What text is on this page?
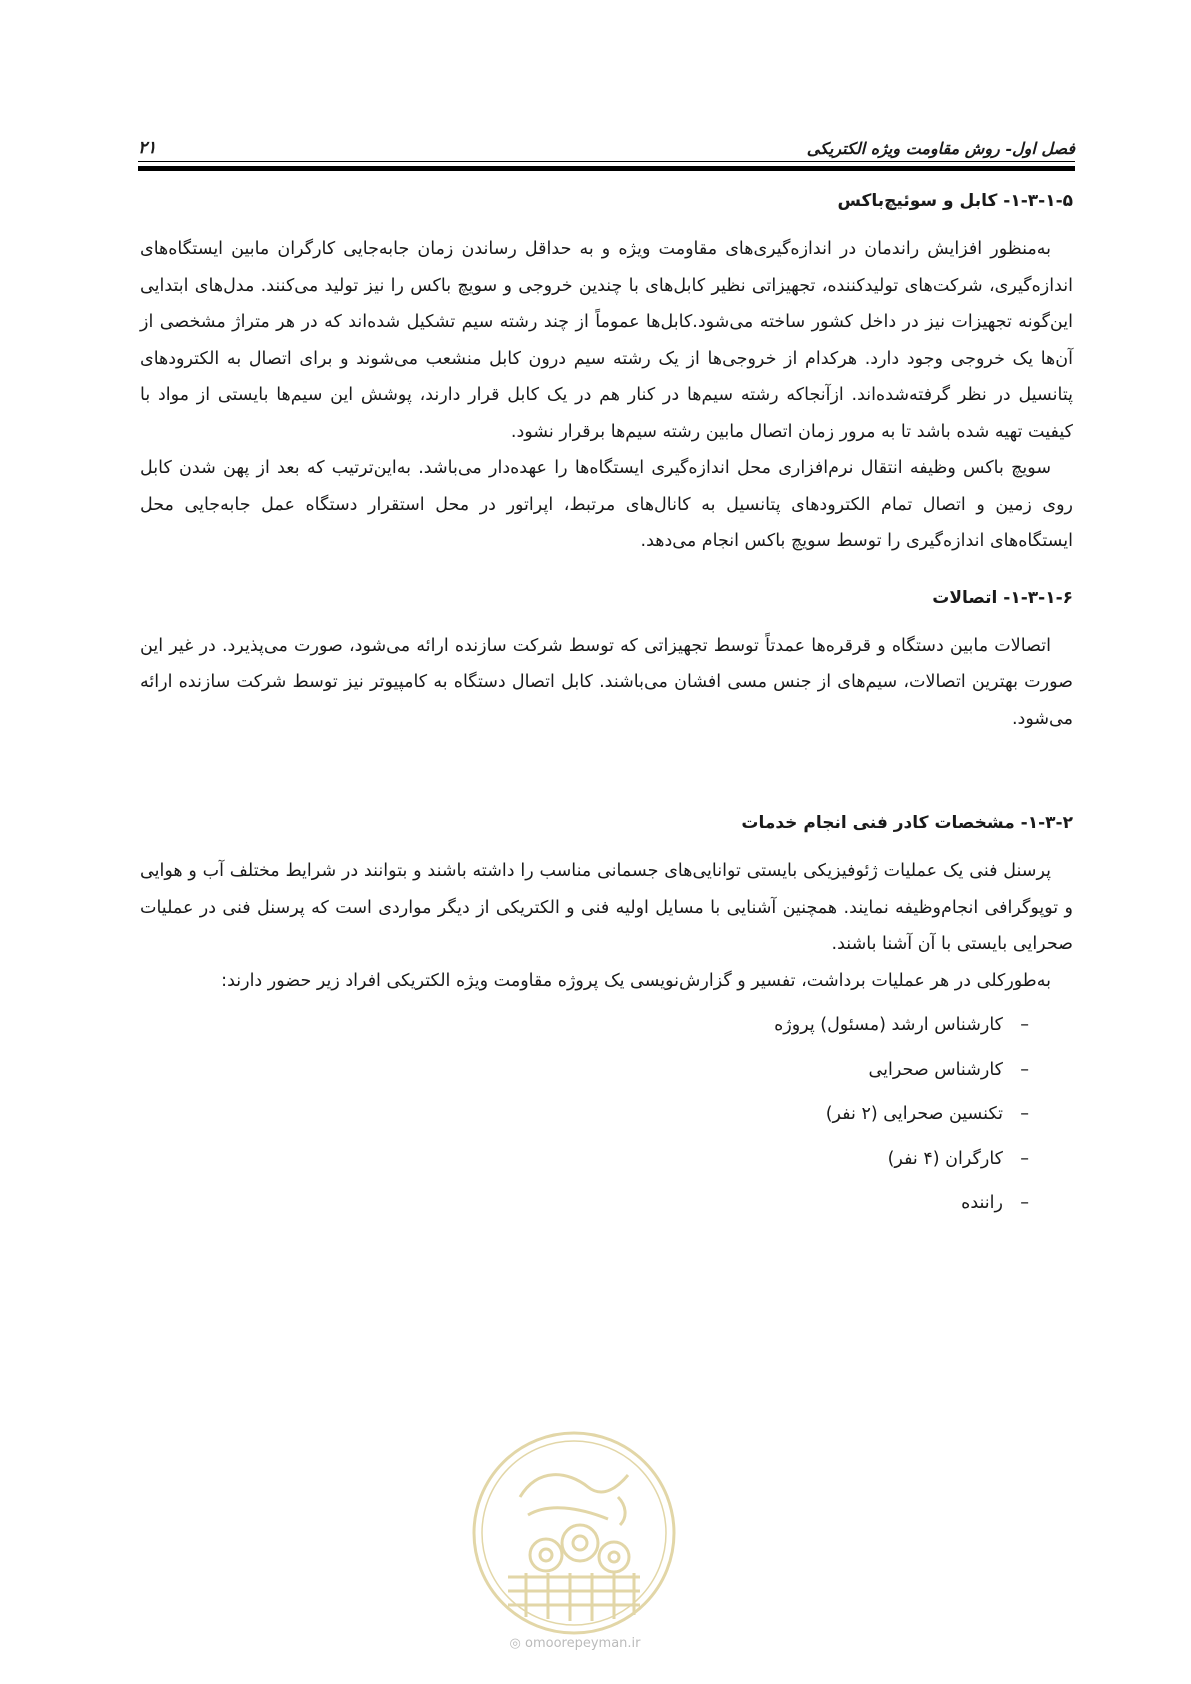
فصل اول- روش مقاومت ویژه الکتریکی
۲۱
۱-۳-۱-۵- کابل و سوئیچ‌باکس

به‌منظور افزایش راندمان در اندازه‌گیری‌های مقاومت ویژه و به حداقل رساندن زمان جابه‌جایی کارگران مابین ایستگاه‌های اندازه‌گیری، شرکت‌های تولیدکننده، تجهیزاتی نظیر کابل‌های با چندین خروجی و سویچ باکس را نیز تولید می‌کنند. مدل‌های ابتدایی این‌گونه تجهیزات نیز در داخل کشور ساخته می‌شود.کابل‌ها عموماً از چند رشته سیم تشکیل شده‌اند که در هر متراژ مشخصی از آن‌ها یک خروجی وجود دارد. هرکدام از خروجی‌ها از یک رشته سیم درون کابل منشعب می‌شوند و برای اتصال به الکترودهای پتانسیل در نظر گرفته‌شده‌اند. ازآنجاکه رشته سیم‌ها در کنار هم در یک کابل قرار دارند، پوشش این سیم‌ها بایستی از مواد با کیفیت تهیه شده باشد تا به مرور زمان اتصال مابین رشته سیم‌ها برقرار نشود.

سویچ باکس وظیفه انتقال نرم‌افزاری محل اندازه‌گیری ایستگاه‌ها را عهده‌دار می‌باشد. به‌این‌ترتیب که بعد از پهن شدن کابل روی زمین و اتصال تمام الکترودهای پتانسیل به کانال‌های مرتبط، اپراتور در محل استقرار دستگاه عمل جابه‌جایی محل ایستگاه‌های اندازه‌گیری را توسط سویچ باکس انجام می‌دهد.

۱-۳-۱-۶- اتصالات

اتصالات مابین دستگاه و قرقره‌ها عمدتاً توسط تجهیزاتی که توسط شرکت سازنده ارائه می‌شود، صورت می‌پذیرد. در غیر این صورت بهترین اتصالات، سیم‌های از جنس مسی افشان می‌باشند. کابل اتصال دستگاه به کامپیوتر نیز توسط شرکت سازنده ارائه می‌شود.

۱-۳-۲- مشخصات کادر فنی انجام خدمات

پرسنل فنی یک عملیات ژئوفیزیکی بایستی توانایی‌های جسمانی مناسب را داشته باشند و بتوانند در شرایط مختلف آب و هوایی و توپوگرافی انجام‌وظیفه نمایند. همچنین آشنایی با مسایل اولیه فنی و الکتریکی از دیگر مواردی است که پرسنل فنی در عملیات صحرایی بایستی با آن آشنا باشند.

به‌طورکلی در هر عملیات برداشت، تفسیر و گزارش‌نویسی یک پروژه مقاومت ویژه الکتریکی افراد زیر حضور دارند:

–کارشناس ارشد (مسئول) پروژه
–کارشناس صحرایی
–تکنسین صحرایی (۲ نفر)
–کارگران (۴ نفر)
–راننده
◎ omoorepeyman.ir
